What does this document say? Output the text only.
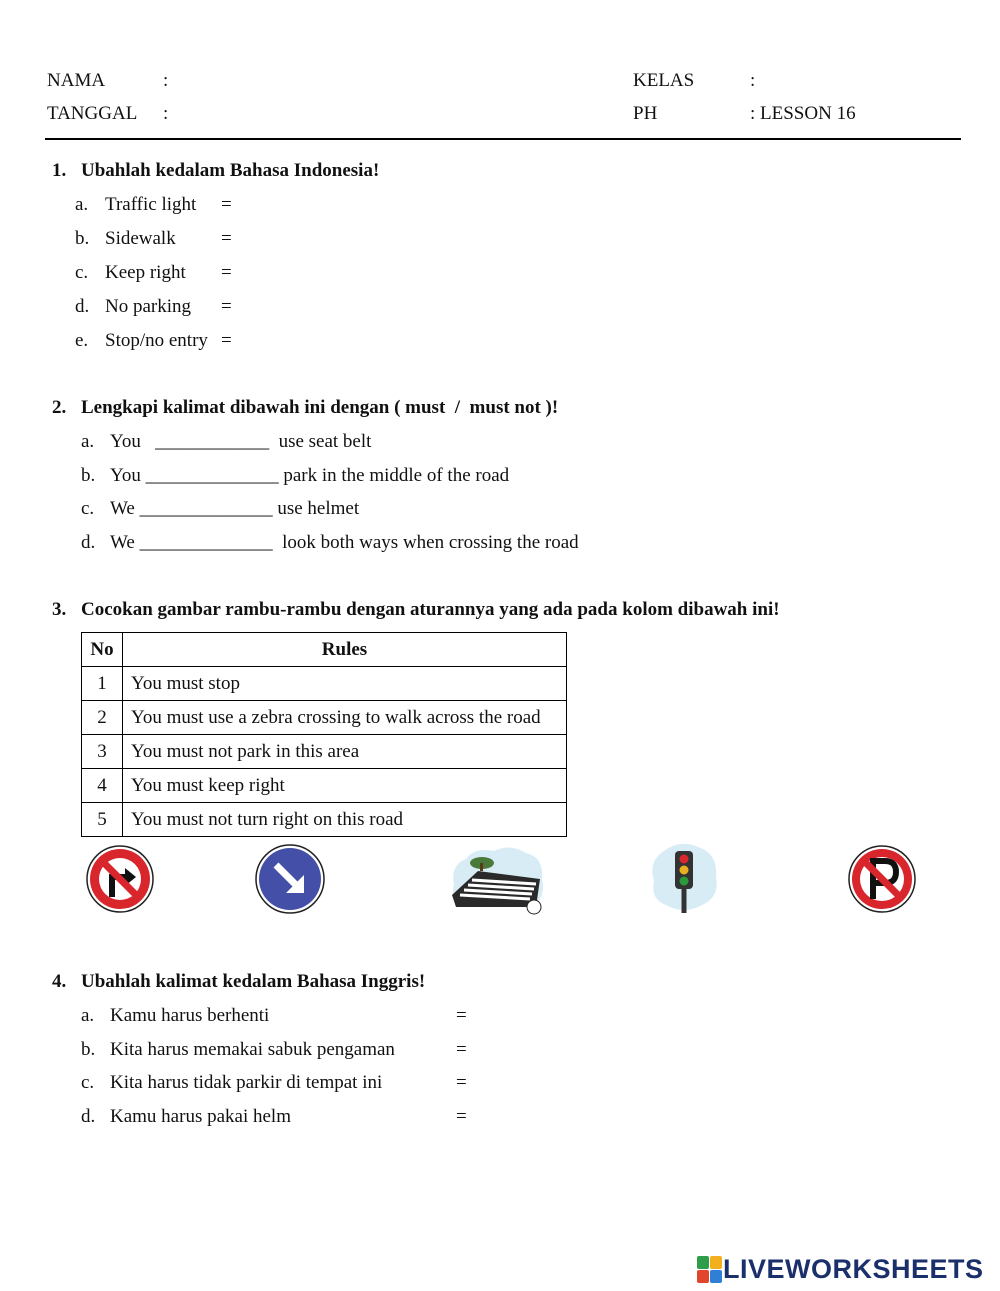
NAMA	:
TANGGAL :
KELAS	:
PH	: LESSON 16
1. Ubahlah kedalam Bahasa Indonesia!
a. Traffic light =
b. Sidewalk =
c. Keep right =
d. No parking =
e. Stop/no entry =
2. Lengkapi kalimat dibawah ini dengan ( must  /  must not )!
a. You   ____________  use seat belt
b. You ______________ park in the middle of the road
c. We ______________ use helmet
d. We ______________  look both ways when crossing the road
3. Cocokan gambar rambu-rambu dengan aturannya yang ada pada kolom dibawah ini!
No	Rules
1	You must stop
2	You must use a zebra crossing to walk across the road
3	You must not park in this area
4	You must keep right
5	You must not turn right on this road
4. Ubahlah kalimat kedalam Bahasa Inggris!
a. Kamu harus berhenti	=
b. Kita harus memakai sabuk pengaman	=
c. Kita harus tidak parkir di tempat ini	=
d. Kamu harus pakai helm	=
LIVEWORKSHEETS
